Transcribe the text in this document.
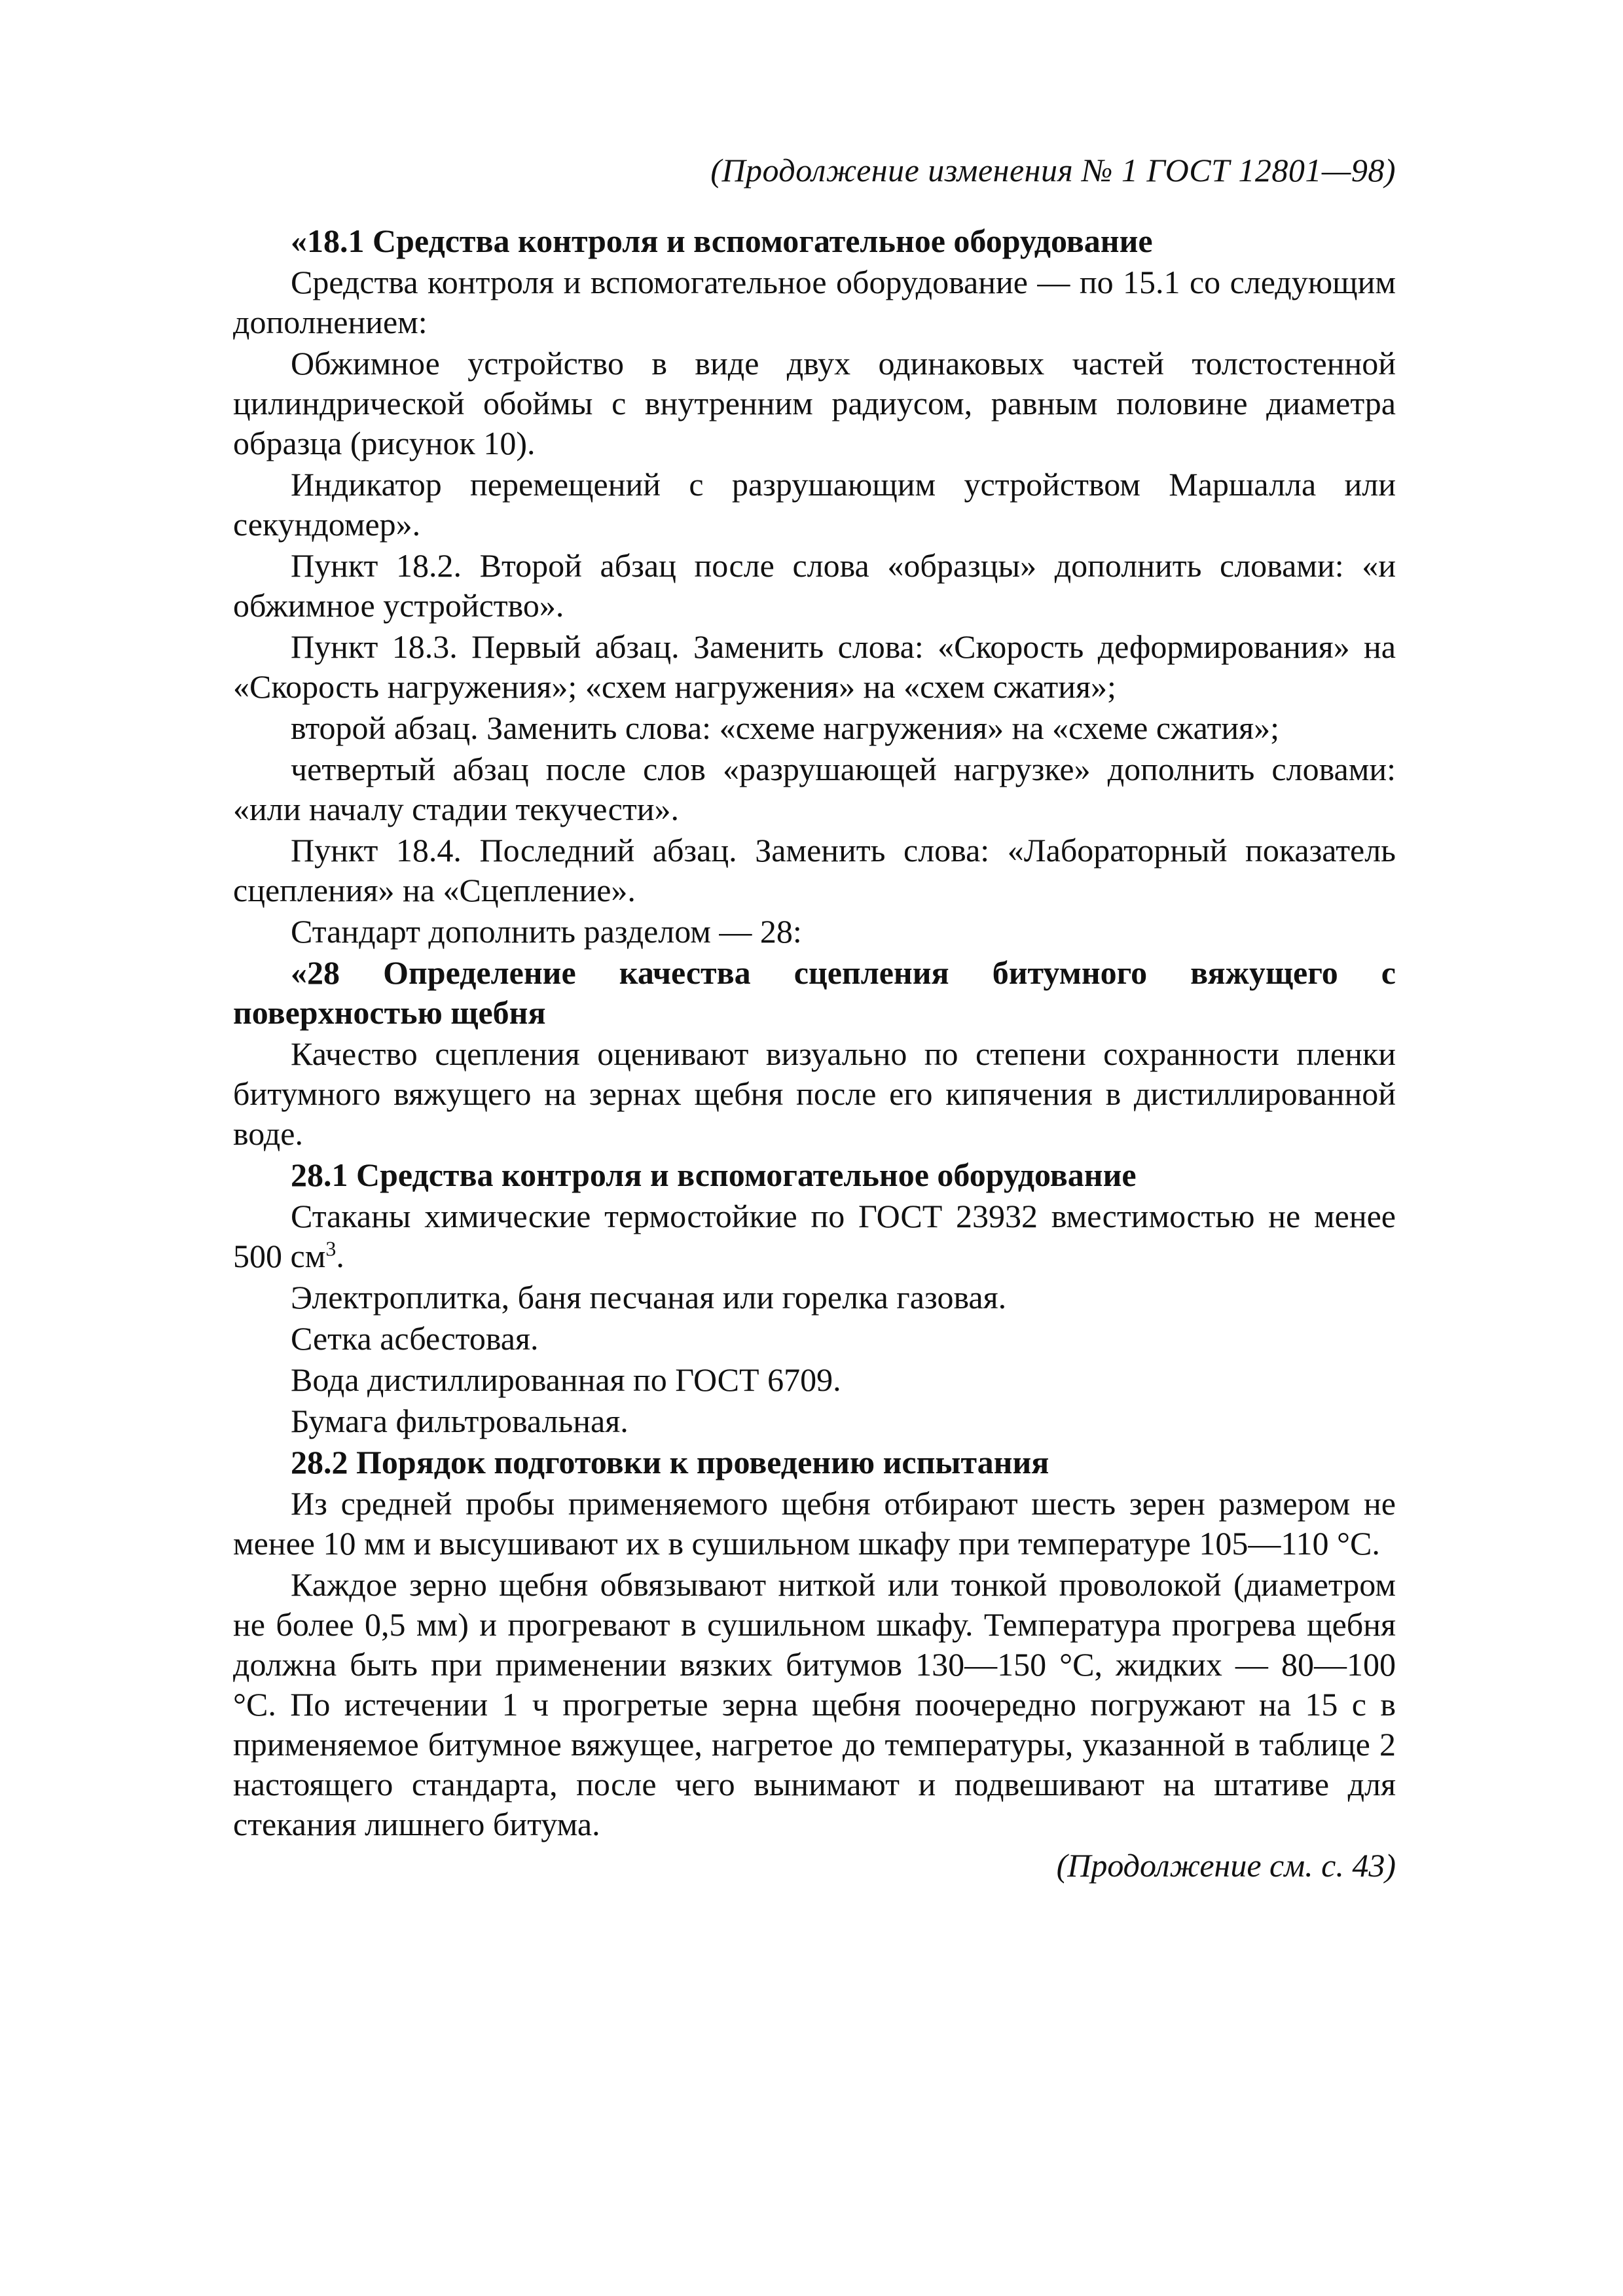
(Продолжение изменения № 1 ГОСТ 12801—98)

«18.1 Средства контроля и вспомогательное оборудование

Средства контроля и вспомогательное оборудование — по 15.1 со следующим дополнением:

Обжимное устройство в виде двух одинаковых частей толстостенной цилиндрической обоймы с внутренним радиусом, равным половине диаметра образца (рисунок 10).

Индикатор перемещений с разрушающим устройством Маршалла или секундомер».

Пункт 18.2. Второй абзац после слова «образцы» дополнить словами: «и обжимное устройство».

Пункт 18.3. Первый абзац. Заменить слова: «Скорость деформирования» на «Скорость нагружения»; «схем нагружения» на «схем сжатия»;

второй абзац. Заменить слова: «схеме нагружения» на «схеме сжатия»;

четвертый абзац после слов «разрушающей нагрузке» дополнить словами: «или началу стадии текучести».

Пункт 18.4. Последний абзац. Заменить слова: «Лабораторный показатель сцепления» на «Сцепление».

Стандарт дополнить разделом — 28:

«28 Определение качества сцепления битумного вяжущего с поверхностью щебня

Качество сцепления оценивают визуально по степени сохранности пленки битумного вяжущего на зернах щебня после его кипячения в дистиллированной воде.

28.1 Средства контроля и вспомогательное оборудование

Стаканы химические термостойкие по ГОСТ 23932 вместимостью не менее 500 $см^3$.

Электроплитка, баня песчаная или горелка газовая.

Сетка асбестовая.

Вода дистиллированная по ГОСТ 6709.

Бумага фильтровальная.

28.2 Порядок подготовки к проведению испытания

Из средней пробы применяемого щебня отбирают шесть зерен размером не менее 10 мм и высушивают их в сушильном шкафу при температуре 105—110 °С.

Каждое зерно щебня обвязывают ниткой или тонкой проволокой (диаметром не более 0,5 мм) и прогревают в сушильном шкафу. Температура прогрева щебня должна быть при применении вязких битумов 130—150 °С, жидких — 80—100 °С. По истечении 1 ч прогретые зерна щебня поочередно погружают на 15 с в применяемое битумное вяжущее, нагретое до температуры, указанной в таблице 2 настоящего стандарта, после чего вынимают и подвешивают на штативе для стекания лишнего битума.

(Продолжение см. с. 43)
